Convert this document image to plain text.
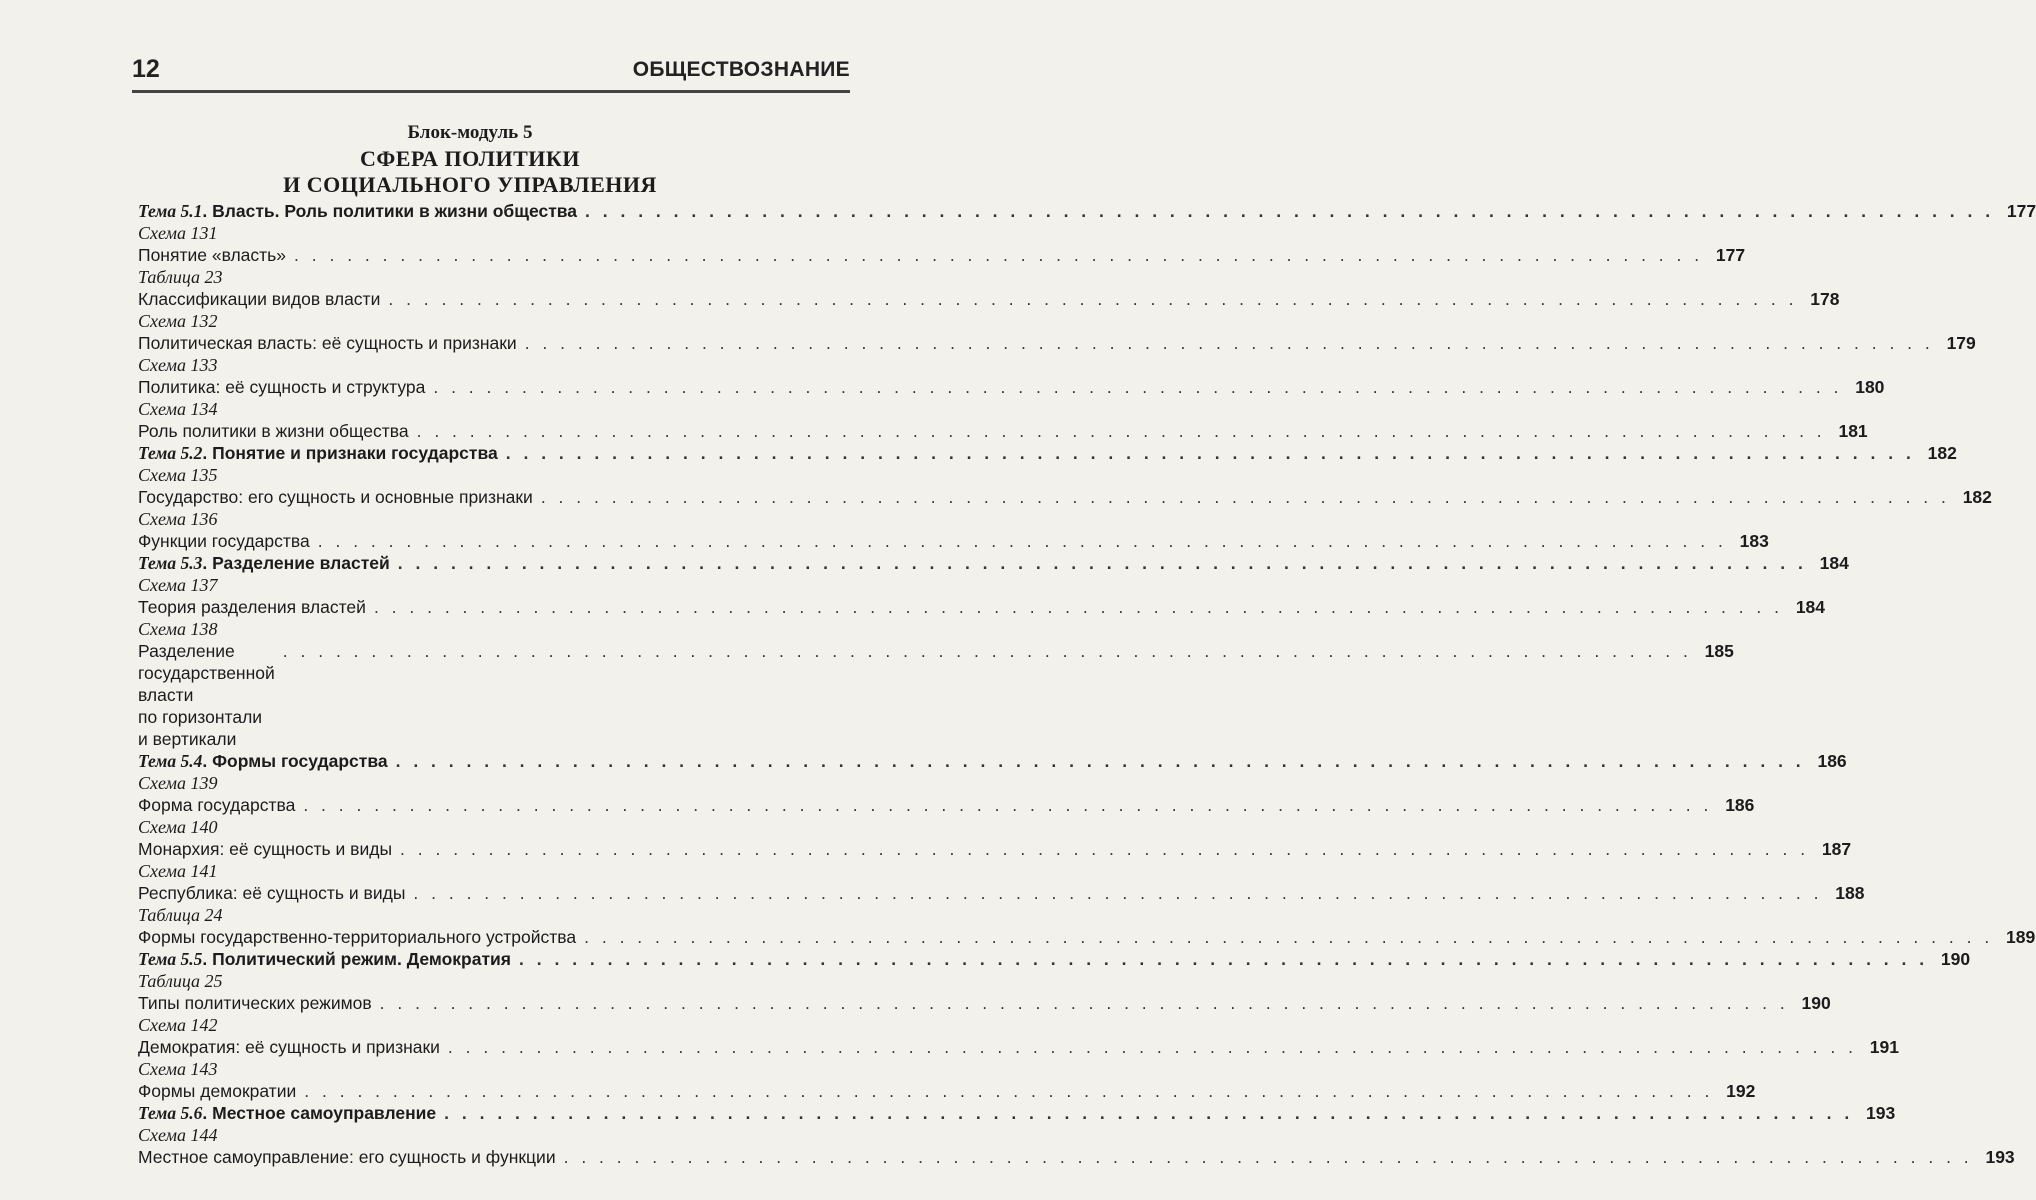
12	ОБЩЕСТВОЗНАНИЕ
Блок-модуль 5
СФЕРА ПОЛИТИКИ
И СОЦИАЛЬНОГО УПРАВЛЕНИЯ
Тема 5.1. Власть. Роль политики в жизни общества . . . . . . . . . . . . . . . . . . . . . . . . . . . . . . . . . . . . . . . . . . . . . . . . . . . . . . . . . . . . . . . . . . . . . . . . . . . . . . . . 177
Схема 131
Понятие «власть» . . . . . . . . . . . . . . . . . . . . . . . . . . . . . . . . . . . . . . . . . . . . . . . . . . . . . . . . . . . . . . . . . . . . . . . . . . . . . . . . 177
Таблица 23
Классификации видов власти . . . . . . . . . . . . . . . . . . . . . . . . . . . . . . . . . . . . . . . . . . . . . . . . . . . . . . . . . . . . . . . . . . . . . . . . . . . . . . . . 178
Схема 132
Политическая власть: её сущность и признаки . . . . . . . . . . . . . . . . . . . . . . . . . . . . . . . . . . . . . . . . . . . . . . . . . . . . . . . . . . . . . . . . . . . . . . . . . . . . . . . . 179
Схема 133
Политика: её сущность и структура . . . . . . . . . . . . . . . . . . . . . . . . . . . . . . . . . . . . . . . . . . . . . . . . . . . . . . . . . . . . . . . . . . . . . . . . . . . . . . . . 180
Схема 134
Роль политики в жизни общества . . . . . . . . . . . . . . . . . . . . . . . . . . . . . . . . . . . . . . . . . . . . . . . . . . . . . . . . . . . . . . . . . . . . . . . . . . . . . . . . 181
Тема 5.2. Понятие и признаки государства . . . . . . . . . . . . . . . . . . . . . . . . . . . . . . . . . . . . . . . . . . . . . . . . . . . . . . . . . . . . . . . . . . . . . . . . . . . . . . . . 182
Схема 135
Государство: его сущность и основные признаки . . . . . . . . . . . . . . . . . . . . . . . . . . . . . . . . . . . . . . . . . . . . . . . . . . . . . . . . . . . . . . . . . . . . . . . . . . . . . . . . 182
Схема 136
Функции государства . . . . . . . . . . . . . . . . . . . . . . . . . . . . . . . . . . . . . . . . . . . . . . . . . . . . . . . . . . . . . . . . . . . . . . . . . . . . . . . . 183
Тема 5.3. Разделение властей . . . . . . . . . . . . . . . . . . . . . . . . . . . . . . . . . . . . . . . . . . . . . . . . . . . . . . . . . . . . . . . . . . . . . . . . . . . . . . . . 184
Схема 137
Теория разделения властей . . . . . . . . . . . . . . . . . . . . . . . . . . . . . . . . . . . . . . . . . . . . . . . . . . . . . . . . . . . . . . . . . . . . . . . . . . . . . . . . 184
Схема 138
Разделение государственной власти
по горизонтали и вертикали
. . . . . . . . . . . . . . . . . . . . . . . . . . . . . . . . . . . . . . . . . . . . . . . . . . . . . . . . . . . . . . . . . . . . . . . . . . . . . . . . 185
Тема 5.4. Формы государства . . . . . . . . . . . . . . . . . . . . . . . . . . . . . . . . . . . . . . . . . . . . . . . . . . . . . . . . . . . . . . . . . . . . . . . . . . . . . . . . 186
Схема 139
Форма государства . . . . . . . . . . . . . . . . . . . . . . . . . . . . . . . . . . . . . . . . . . . . . . . . . . . . . . . . . . . . . . . . . . . . . . . . . . . . . . . . 186
Схема 140
Монархия: её сущность и виды . . . . . . . . . . . . . . . . . . . . . . . . . . . . . . . . . . . . . . . . . . . . . . . . . . . . . . . . . . . . . . . . . . . . . . . . . . . . . . . . 187
Схема 141
Республика: её сущность и виды . . . . . . . . . . . . . . . . . . . . . . . . . . . . . . . . . . . . . . . . . . . . . . . . . . . . . . . . . . . . . . . . . . . . . . . . . . . . . . . . 188
Таблица 24
Формы государственно-территориального устройства . . . . . . . . . . . . . . . . . . . . . . . . . . . . . . . . . . . . . . . . . . . . . . . . . . . . . . . . . . . . . . . . . . . . . . . . . . . . . . . . 189
Тема 5.5. Политический режим. Демократия . . . . . . . . . . . . . . . . . . . . . . . . . . . . . . . . . . . . . . . . . . . . . . . . . . . . . . . . . . . . . . . . . . . . . . . . . . . . . . . . 190
Таблица 25
Типы политических режимов . . . . . . . . . . . . . . . . . . . . . . . . . . . . . . . . . . . . . . . . . . . . . . . . . . . . . . . . . . . . . . . . . . . . . . . . . . . . . . . . 190
Схема 142
Демократия: её сущность и признаки . . . . . . . . . . . . . . . . . . . . . . . . . . . . . . . . . . . . . . . . . . . . . . . . . . . . . . . . . . . . . . . . . . . . . . . . . . . . . . . . 191
Схема 143
Формы демократии . . . . . . . . . . . . . . . . . . . . . . . . . . . . . . . . . . . . . . . . . . . . . . . . . . . . . . . . . . . . . . . . . . . . . . . . . . . . . . . . 192
Тема 5.6. Местное самоуправление . . . . . . . . . . . . . . . . . . . . . . . . . . . . . . . . . . . . . . . . . . . . . . . . . . . . . . . . . . . . . . . . . . . . . . . . . . . . . . . . 193
Схема 144
Местное самоуправление: его сущность и функции . . . . . . . . . . . . . . . . . . . . . . . . . . . . . . . . . . . . . . . . . . . . . . . . . . . . . . . . . . . . . . . . . . . . . . . . . . . . . . . . 193
